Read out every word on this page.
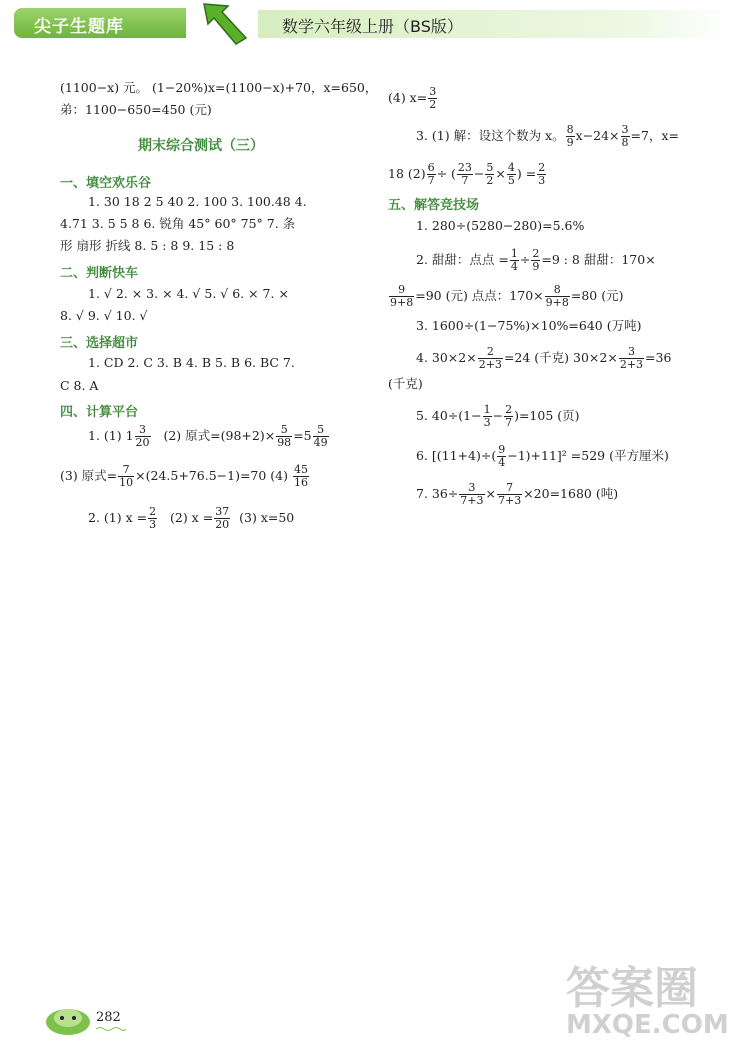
尖子生题库	数学六年级上册（BS版）
(1100−x) 元。 (1−20%)x=(1100−x)+70，x=650，
弟：1100−650=450 (元)
期末综合测试（三）
一、填空欢乐谷
1. 30 18 2 5 40 2. 100 3. 100.48 4.
4.71 3. 5 5 8 6. 锐角 45° 60° 75° 7. 条
形 扇形 折线 8. 5 : 8 9. 15 : 8
二、判断快车
1. √ 2. × 3. × 4. √ 5. √ 6. × 7. ×
8. √ 9. √ 10. √
三、选择超市
1. CD 2. C 3. B 4. B 5. B 6. BC 7.
C 8. A
四、计算平台
1. (1) $1 \frac{3}{20} (2)$ 原式$=(98+2)\times \frac{5}{98} =5 \frac{5}{49}$
(3) 原式= $\frac{7}{10} \times(24.5+76.5-1)=70$ $(4) \frac{45}{16}$
2. (1) $x = \frac{2}{3} (2) x = \frac{37}{20} (3)$ x=50
(4) $x= \frac{3}{2}$
3. (1) 解：设这个数为 x。 $\frac{8}{9} x-24\times \frac{3}{8} =7$，x=
18 $(2) \frac{6}{7}$ ÷ ( $\frac{23}{7} - \frac{5}{2} \times \frac{4}{5}$ ) = $\frac{2}{3}$
五、解答竞技场
1. 280÷(5280−280)=5.6%
2. 甜甜：点点 = $\frac{1}{4} \div \frac{2}{9} =9$ : 8 甜甜：170×
$\frac{9}{9+8} =90$ (元) 点点：$170\times \frac{8}{9+8} =80$ (元)
3. 1600÷(1−75%)×10%=640 (万吨)
4. $30\times 2\times \frac{2}{2+3} =24$ (千克) $30\times 2\times \frac{3}{2+3} =36$
(千克)
5. $40\div(1- \frac{1}{3} - \frac{2}{7} )=105$ (页)
6. $[(11+4)\div( \frac{9}{4} -1)+11]^2 =529$ (平方厘米)
7. $36\div \frac{3}{7+3} \times \frac{7}{7+3} \times 20=1680$ (吨)
282
答案圈
MXQE.COM
